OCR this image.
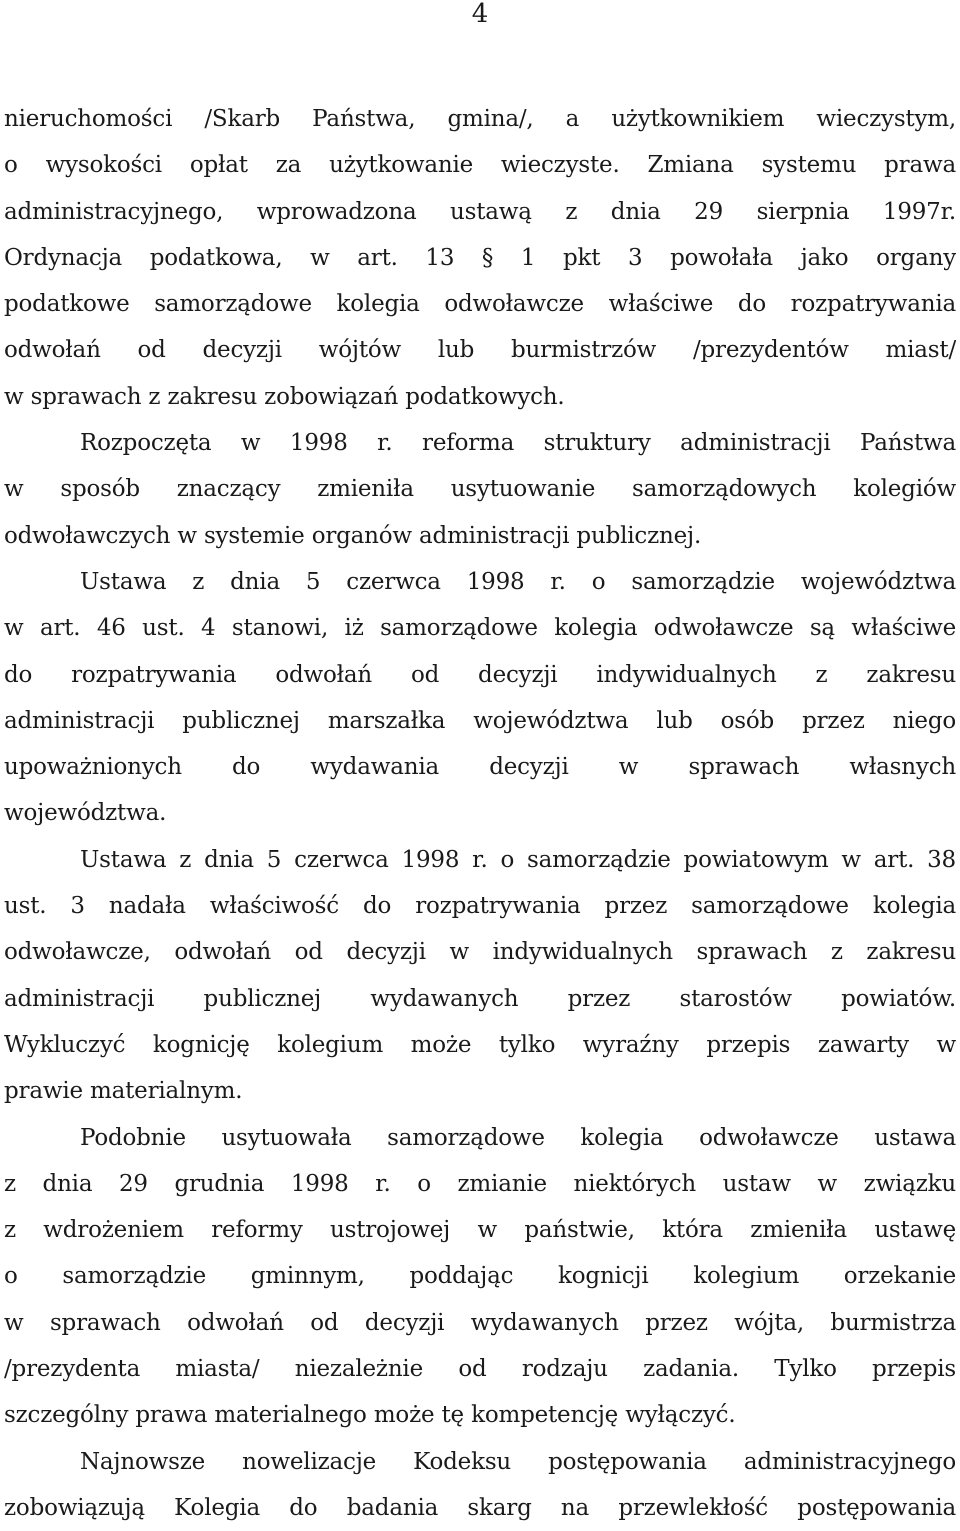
4

nieruchomości /Skarb Państwa, gmina/, a użytkownikiem wieczystym,
o wysokości opłat za użytkowanie wieczyste. Zmiana systemu prawa
administracyjnego, wprowadzona ustawą z dnia 29 sierpnia 1997r.
Ordynacja podatkowa, w art. 13 § 1 pkt 3 powołała jako organy
podatkowe samorządowe kolegia odwoławcze właściwe do rozpatrywania
odwołań od decyzji wójtów lub burmistrzów /prezydentów miast/
w sprawach z zakresu zobowiązań podatkowych.

Rozpoczęta w 1998 r. reforma struktury administracji Państwa
w sposób znaczący zmieniła usytuowanie samorządowych kolegiów
odwoławczych w systemie organów administracji publicznej.

Ustawa z dnia 5 czerwca 1998 r. o samorządzie województwa
w art. 46 ust. 4 stanowi, iż samorządowe kolegia odwoławcze są właściwe
do rozpatrywania odwołań od decyzji indywidualnych z zakresu
administracji publicznej marszałka województwa lub osób przez niego
upoważnionych do wydawania decyzji w sprawach własnych
województwa.

Ustawa z dnia 5 czerwca 1998 r. o samorządzie powiatowym w art. 38
ust. 3 nadała właściwość do rozpatrywania przez samorządowe kolegia
odwoławcze, odwołań od decyzji w indywidualnych sprawach z zakresu
administracji publicznej wydawanych przez starostów powiatów.
Wykluczyć kognicję kolegium może tylko wyraźny przepis zawarty w
prawie materialnym.

Podobnie usytuowała samorządowe kolegia odwoławcze ustawa
z dnia 29 grudnia 1998 r. o zmianie niektórych ustaw w związku
z wdrożeniem reformy ustrojowej w państwie, która zmieniła ustawę
o samorządzie gminnym, poddając kognicji kolegium orzekanie
w sprawach odwołań od decyzji wydawanych przez wójta, burmistrza
/prezydenta miasta/ niezależnie od rodzaju zadania. Tylko przepis
szczególny prawa materialnego może tę kompetencję wyłączyć.

Najnowsze nowelizacje Kodeksu postępowania administracyjnego
zobowiązują Kolegia do badania skarg na przewlekłość postępowania
